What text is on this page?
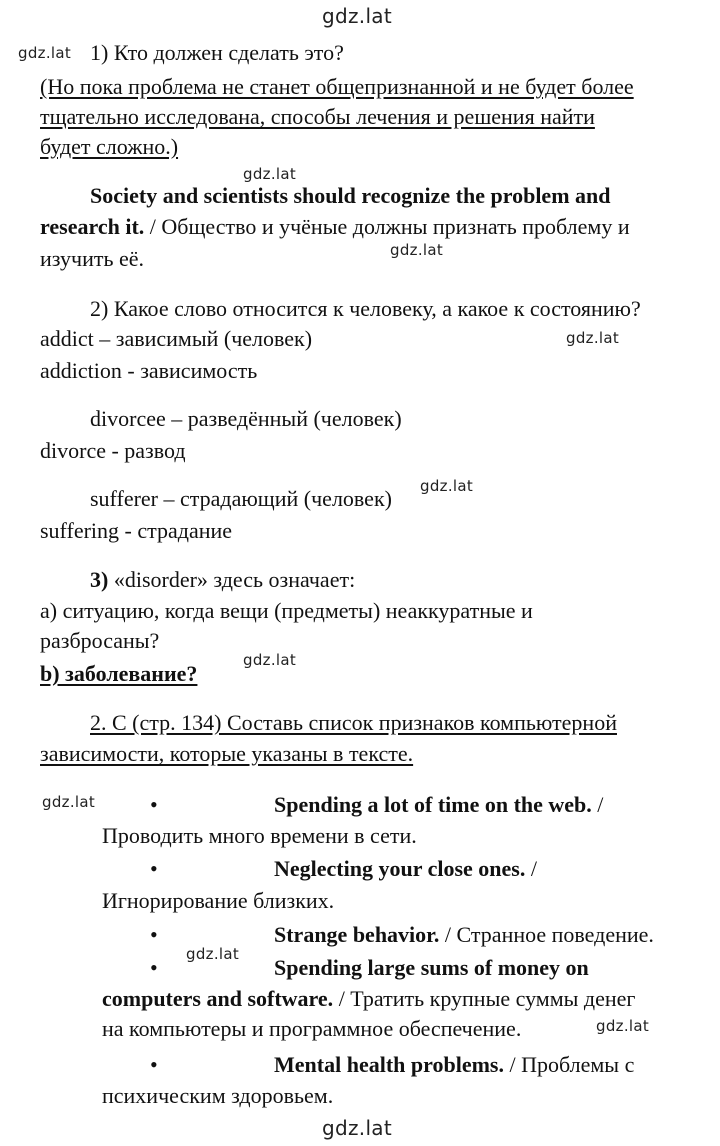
gdz.lat
gdz.lat
gdz.lat
gdz.lat
gdz.lat
gdz.lat
gdz.lat
gdz.lat
gdz.lat
gdz.lat
gdz.lat
1) Кто должен сделать это?
(Но пока проблема не станет общепризнанной и не будет более
тщательно исследована, способы лечения и решения найти
будет сложно.)
Society and scientists should recognize the problem and
research it. / Общество и учёные должны признать проблему и
изучить её.
2) Какое слово относится к человеку, а какое к состоянию?
addict – зависимый (человек)
addiction - зависимость
divorcee – разведённый (человек)
divorce - развод
sufferer – страдающий (человек)
suffering - страдание
3) «disorder» здесь означает:
a) ситуацию, когда вещи (предметы) неаккуратные и
разбросаны?
b) заболевание?
2. C (стр. 134) Составь список признаков компьютерной
зависимости, которые указаны в тексте.
•	Spending a lot of time on the web. /
Проводить много времени в сети.
•	Neglecting your close ones. /
Игнорирование близких.
•	Strange behavior. / Странное поведение.
•	Spending large sums of money on
computers and software. / Тратить крупные суммы денег
на компьютеры и программное обеспечение.
•	Mental health problems. / Проблемы с
психическим здоровьем.
